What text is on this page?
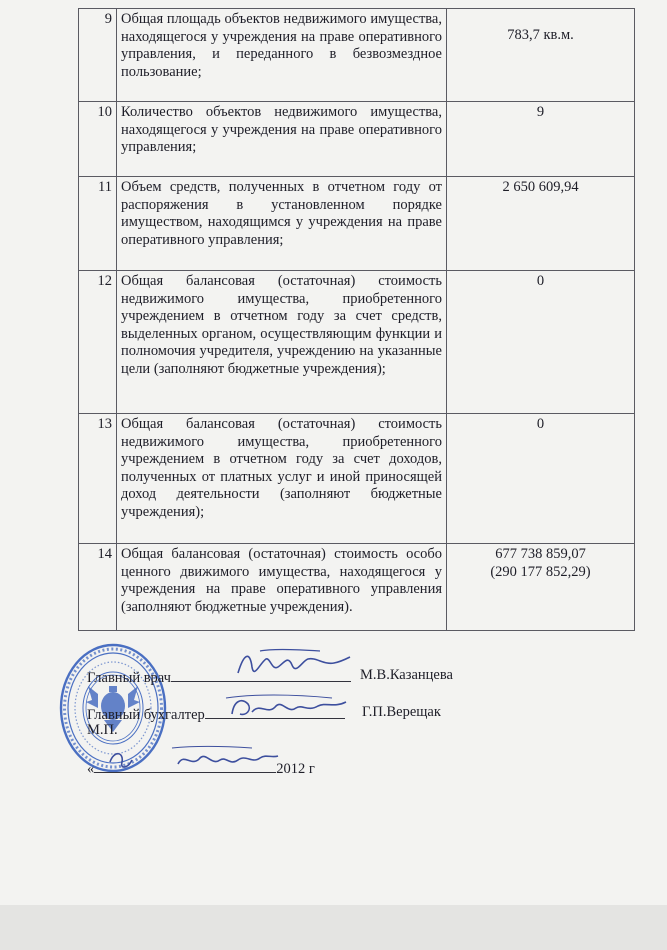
9	Общая площадь объектов недвижимого имущества, находящегося у учреждения на праве оперативного управления, и переданного в безвозмездное пользование;	783,7 кв.м.
10	Количество объектов недвижимого имущества, находящегося у учреждения на праве оперативного управления;	9
11	Объем средств, полученных в отчетном году от распоряжения в установленном порядке имуществом, находящимся у учреждения на праве оперативного управления;	2 650 609,94
12	Общая балансовая (остаточная) стоимость недвижимого имущества, приобретенного учреждением в отчетном году за счет средств, выделенных органом, осуществляющим функции и полномочия учредителя, учреждению на указанные цели (заполняют бюджетные учреждения);	0
13	Общая балансовая (остаточная) стоимость недвижимого имущества, приобретенного учреждением в отчетном году за счет доходов, полученных от платных услуг и иной приносящей доход деятельности (заполняют бюджетные учреждения);	0
14	Общая балансовая (остаточная) стоимость особо ценного движимого имущества, находящегося у учреждения на праве оперативного управления (заполняют бюджетные учреждения).	677 738 859,07
(290 177 852,29)
Главный врач	М.В.Казанцева
Главный бухгалтер	Г.П.Верещак
М.П.
«	2012 г
